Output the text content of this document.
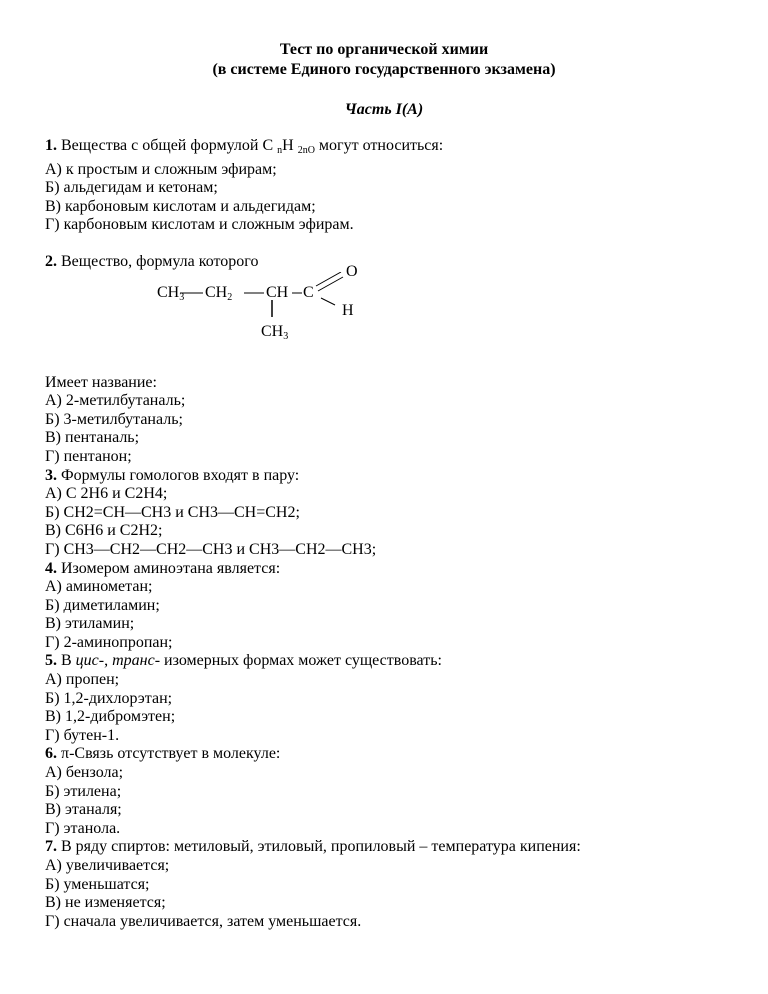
Тест по органической химии
(в системе Единого государственного экзамена)
Часть I(А)
1. Вещества с общей формулой С $_n$Н $_{2nO}$ могут относиться:
А) к простым и сложным эфирам;
Б) альдегидам и кетонам;
В) карбоновым кислотам и альдегидам;
Г) карбоновым кислотам и сложным эфирам.
2. Вещество, формула которого
O
CH3 CH2 CH C
H
CH3
Имеет название:
А) 2-метилбутаналь;
Б) 3-метилбутаналь;
В) пентаналь;
Г) пентанон;
3. Формулы гомологов входят в пару:
А) С 2Н6 и С2Н4;
Б) СН2=СН—СН3 и СН3—СН=СН2;
В) С6Н6 и С2Н2;
Г) СН3—СН2—СН2—СН3 и СН3—СН2—СН3;
4. Изомером аминоэтана является:
А) аминометан;
Б) диметиламин;
В) этиламин;
Г) 2-аминопропан;
5. В цис-, транс- изомерных формах может существовать:
А) пропен;
Б) 1,2-дихлорэтан;
В) 1,2-дибромэтен;
Г) бутен-1.
6. π-Связь отсутствует в молекуле:
А) бензола;
Б) этилена;
В) этаналя;
Г) этанола.
7. В ряду спиртов: метиловый, этиловый, пропиловый – температура кипения:
А) увеличивается;
Б) уменьшатся;
В) не изменяется;
Г) сначала увеличивается, затем уменьшается.
